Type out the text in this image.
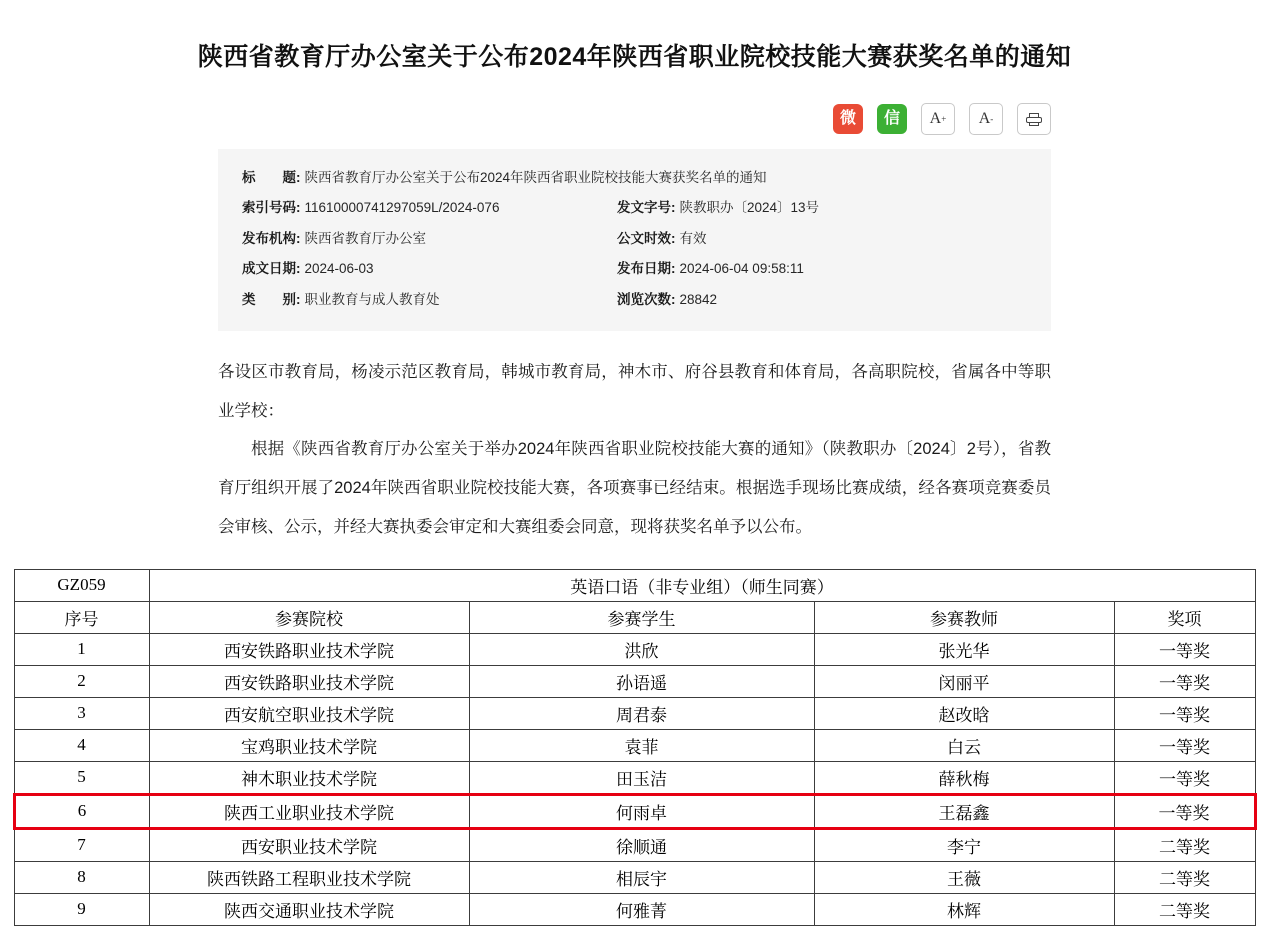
陕西省教育厅办公室关于公布2024年陕西省职业院校技能大赛获奖名单的通知
微 信 A + A -
标　　题: 陕西省教育厅办公室关于公布2024年陕西省职业院校技能大赛获奖名单的通知
索引号码: 11610000741297059L/2024-076	发文字号: 陕教职办〔2024〕13号
发布机构: 陕西省教育厅办公室	公文时效: 有效
成文日期: 2024-06-03	发布日期: 2024-06-04 09:58:11
类　　别: 职业教育与成人教育处	浏览次数: 28842

各设区市教育局，杨凌示范区教育局，韩城市教育局，神木市、府谷县教育和体育局，各高职院校，省属各中等职业学校：

根据《陕西省教育厅办公室关于举办2024年陕西省职业院校技能大赛的通知》（陕教职办〔2024〕2号），省教育厅组织开展了2024年陕西省职业院校技能大赛，各项赛事已经结束。根据选手现场比赛成绩，经各赛项竞赛委员会审核、公示，并经大赛执委会审定和大赛组委会同意，现将获奖名单予以公布。

GZ059	英语口语（非专业组）（师生同赛）			
序号	参赛院校	参赛学生	参赛教师	奖项
1	西安铁路职业技术学院	洪欣	张光华	一等奖
2	西安铁路职业技术学院	孙语遥	闵丽平	一等奖
3	西安航空职业技术学院	周君泰	赵改晗	一等奖
4	宝鸡职业技术学院	袁菲	白云	一等奖
5	神木职业技术学院	田玉洁	薛秋梅	一等奖
6	陕西工业职业技术学院	何雨卓	王磊鑫	一等奖
7	西安职业技术学院	徐顺通	李宁	二等奖
8	陕西铁路工程职业技术学院	相辰宇	王薇	二等奖
9	陕西交通职业技术学院	何雅菁	林辉	二等奖
